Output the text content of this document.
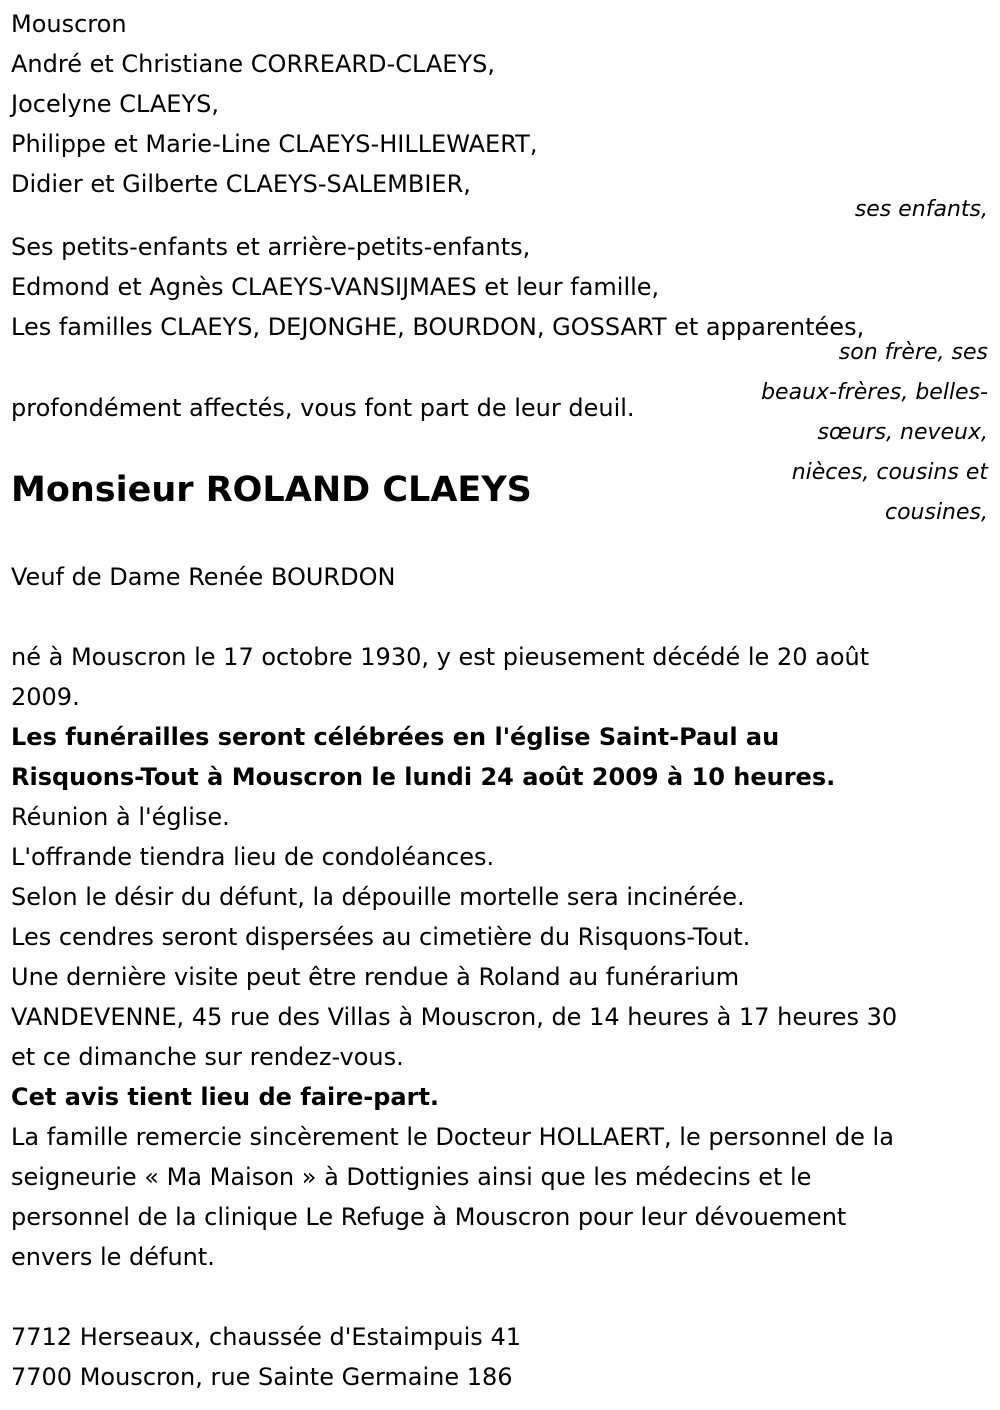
Mouscron
André et Christiane CORREARD-CLAEYS,
Jocelyne CLAEYS,
Philippe et Marie-Line CLAEYS-HILLEWAERT,
Didier et Gilberte CLAEYS-SALEMBIER,
ses enfants,
Ses petits-enfants et arrière-petits-enfants,
Edmond et Agnès CLAEYS-VANSIJMAES et leur famille,
Les familles CLAEYS, DEJONGHE, BOURDON, GOSSART et apparentées,
son frère, ses
beaux-frères, belles-
sœurs, neveux,
nièces, cousins et
cousines,
profondément affectés, vous font part de leur deuil.
Monsieur ROLAND CLAEYS
Veuf de Dame Renée BOURDON
né à Mouscron le 17 octobre 1930, y est pieusement décédé le 20 août
2009.
Les funérailles seront célébrées en l'église Saint-Paul au
Risquons-Tout à Mouscron le lundi 24 août 2009 à 10 heures.
Réunion à l'église.
L'offrande tiendra lieu de condoléances.
Selon le désir du défunt, la dépouille mortelle sera incinérée.
Les cendres seront dispersées au cimetière du Risquons-Tout.
Une dernière visite peut être rendue à Roland au funérarium
VANDEVENNE, 45 rue des Villas à Mouscron, de 14 heures à 17 heures 30
et ce dimanche sur rendez-vous.
Cet avis tient lieu de faire-part.
La famille remercie sincèrement le Docteur HOLLAERT, le personnel de la
seigneurie « Ma Maison » à Dottignies ainsi que les médecins et le
personnel de la clinique Le Refuge à Mouscron pour leur dévouement
envers le défunt.
7712 Herseaux, chaussée d'Estaimpuis 41
7700 Mouscron, rue Sainte Germaine 186
